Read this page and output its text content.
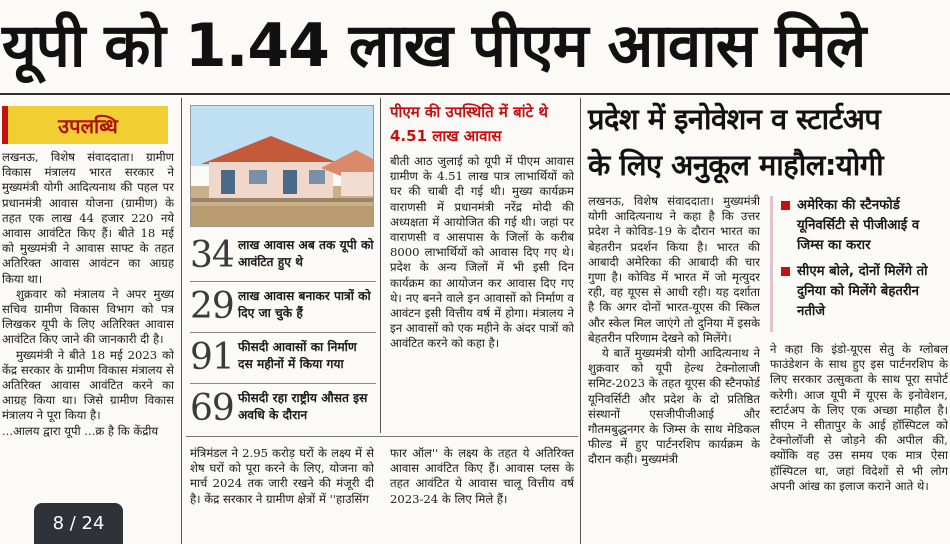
यूपी को 1.44 लाख पीएम आवास मिले
उपलब्धि

लखनऊ, विशेष संवाददाता। ग्रामीण विकास मंत्रालय भारत सरकार ने मुख्यमंत्री योगी आदित्यनाथ की पहल पर प्रधानमंत्री आवास योजना (ग्रामीण) के तहत एक लाख 44 हजार 220 नये आवास आवंटित किए हैं। बीते 18 मई को मुख्यमंत्री ने आवास साफ्ट के तहत अतिरिक्त आवास आवंटन का आग्रह किया था।

शुक्रवार को मंत्रालय ने अपर मुख्य सचिव ग्रामीण विकास विभाग को पत्र लिखकर यूपी के लिए अतिरिक्त आवास आवंटित किए जाने की जानकारी दी है।

मुख्यमंत्री ने बीते 18 मई 2023 को केंद्र सरकार के ग्रामीण विकास मंत्रालय से अतिरिक्त आवास आवंटित करने का आग्रह किया था। जिसे ग्रामीण विकास मंत्रालय ने पूरा किया है।

...आलय द्वारा यूपी ...क्र है कि केंद्रीय

34 लाख आवास अब तक यूपी को आवंटित हुए थे
29 लाख आवास बनाकर पात्रों को दिए जा चुके हैं
91 फीसदी आवासों का निर्माण दस महीनों में किया गया
69 फीसदी रहा राष्ट्रीय औसत इस अवधि के दौरान
मंत्रिमंडल ने 2.95 करोड़ घरों के लक्ष्य में से शेष घरों को पूरा करने के लिए, योजना को मार्च 2024 तक जारी रखने की मंजूरी दी है। केंद्र सरकार ने ग्रामीण क्षेत्रों में ''हाउसिंग
पीएम की उपस्थिति में बांटे थे 4.51 लाख आवास
बीती आठ जुलाई को यूपी में पीएम आवास ग्रामीण के 4.51 लाख पात्र लाभार्थियों को घर की चाबी दी गई थी। मुख्य कार्यक्रम वाराणसी में प्रधानमंत्री नरेंद्र मोदी की अध्यक्षता में आयोजित की गई थी। जहां पर वाराणसी व आसपास के जिलों के करीब 8000 लाभार्थियों को आवास दिए गए थे। प्रदेश के अन्य जिलों में भी इसी दिन कार्यक्रम का आयोजन कर आवास दिए गए थे। नए बनने वाले इन आवासों को निर्माण व आवंटन इसी वित्तीय वर्ष में होगा। मंत्रालय ने इन आवासों को एक महीने के अंदर पात्रों को आवंटित करने को कहा है।
फार ऑल'' के लक्ष्य के तहत ये अतिरिक्त आवास आवंटित किए हैं। आवास प्लस के तहत आवंटित ये आवास चालू वित्तीय वर्ष 2023-24 के लिए मिले हैं।
प्रदेश में इनोवेशन व स्टार्टअप
के लिए अनुकूल माहौल:योगी

लखनऊ, विशेष संवाददाता। मुख्यमंत्री योगी आदित्यनाथ ने कहा है कि उत्तर प्रदेश ने कोविड-19 के दौरान भारत का बेहतरीन प्रदर्शन किया है। भारत की आबादी अमेरिका की आबादी की चार गुणा है। कोविड में भारत में जो मृत्युदर रही, वह यूएस से आधी रही। यह दर्शाता है कि अगर दोनों भारत-यूएस की स्किल और स्केल मिल जाएंगे तो दुनिया में इसके बेहतरीन परिणाम देखने को मिलेंगे।

ये बातें मुख्यमंत्री योगी आदित्यनाथ ने शुक्रवार को यूपी हेल्थ टेक्नोलाजी समिट-2023 के तहत यूएस की स्टैनफोर्ड यूनिवर्सिटी और प्रदेश के दो प्रतिष्ठित संस्थानों एसजीपीजीआई और गौतमबुद्धनगर के जिम्स के साथ मेडिकल फील्ड में हुए पार्टनरशिप कार्यक्रम के दौरान कही। मुख्यमंत्री

अमेरिका की स्टैनफोर्ड यूनिवर्सिटी से पीजीआई व जिम्स का करार
सीएम बोले, दोनों मिलेंगे तो दुनिया को मिलेंगे बेहतरीन नतीजे
ने कहा कि इंडो-यूएस सेतु के ग्लोबल फाउंडेशन के साथ हुए इस पार्टनरशिप के लिए सरकार उत्सुकता के साथ पूरा सपोर्ट करेगी। आज यूपी में यूएस के इनोवेशन, स्टार्टअप के लिए एक अच्छा माहौल है। सीएम ने सीतापुर के आई हॉस्पिटल को टेक्नोलॉजी से जोड़ने की अपील की, क्योंकि वह उस समय एक मात्र ऐसा हॉस्पिटल था, जहां विदेशों से भी लोग अपनी आंख का इलाज कराने आते थे।
8 / 24
